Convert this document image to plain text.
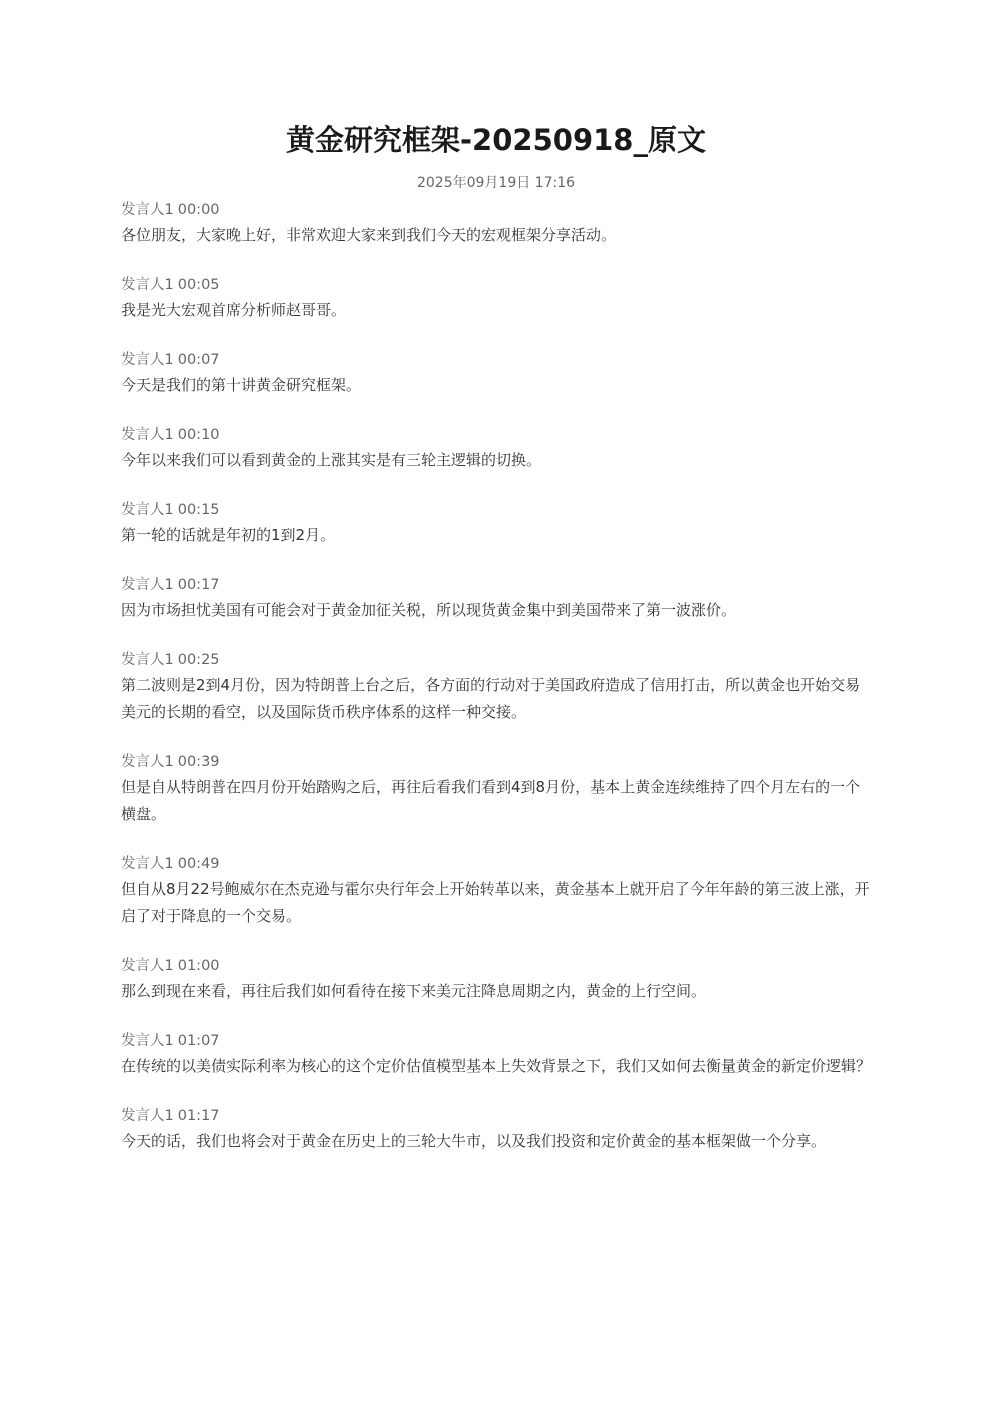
黄金研究框架-20250918_原文
2025年09月19日 17:16
发言人1 00:00
各位朋友，大家晚上好，非常欢迎大家来到我们今天的宏观框架分享活动。
发言人1 00:05
我是光大宏观首席分析师赵哥哥。
发言人1 00:07
今天是我们的第十讲黄金研究框架。
发言人1 00:10
今年以来我们可以看到黄金的上涨其实是有三轮主逻辑的切换。
发言人1 00:15
第一轮的话就是年初的1到2月。
发言人1 00:17
因为市场担忧美国有可能会对于黄金加征关税，所以现货黄金集中到美国带来了第一波涨价。
发言人1 00:25
第二波则是2到4月份，因为特朗普上台之后，各方面的行动对于美国政府造成了信用打击，所以黄金也开始交易美元的长期的看空，以及国际货币秩序体系的这样一种交接。
发言人1 00:39
但是自从特朗普在四月份开始踏购之后，再往后看我们看到4到8月份，基本上黄金连续维持了四个月左右的一个横盘。
发言人1 00:49
但自从8月22号鲍威尔在杰克逊与霍尔央行年会上开始转革以来，黄金基本上就开启了今年年龄的第三波上涨，开启了对于降息的一个交易。
发言人1 01:00
那么到现在来看，再往后我们如何看待在接下来美元注降息周期之内，黄金的上行空间。
发言人1 01:07
在传统的以美债实际利率为核心的这个定价估值模型基本上失效背景之下，我们又如何去衡量黄金的新定价逻辑？
发言人1 01:17
今天的话，我们也将会对于黄金在历史上的三轮大牛市，以及我们投资和定价黄金的基本框架做一个分享。
